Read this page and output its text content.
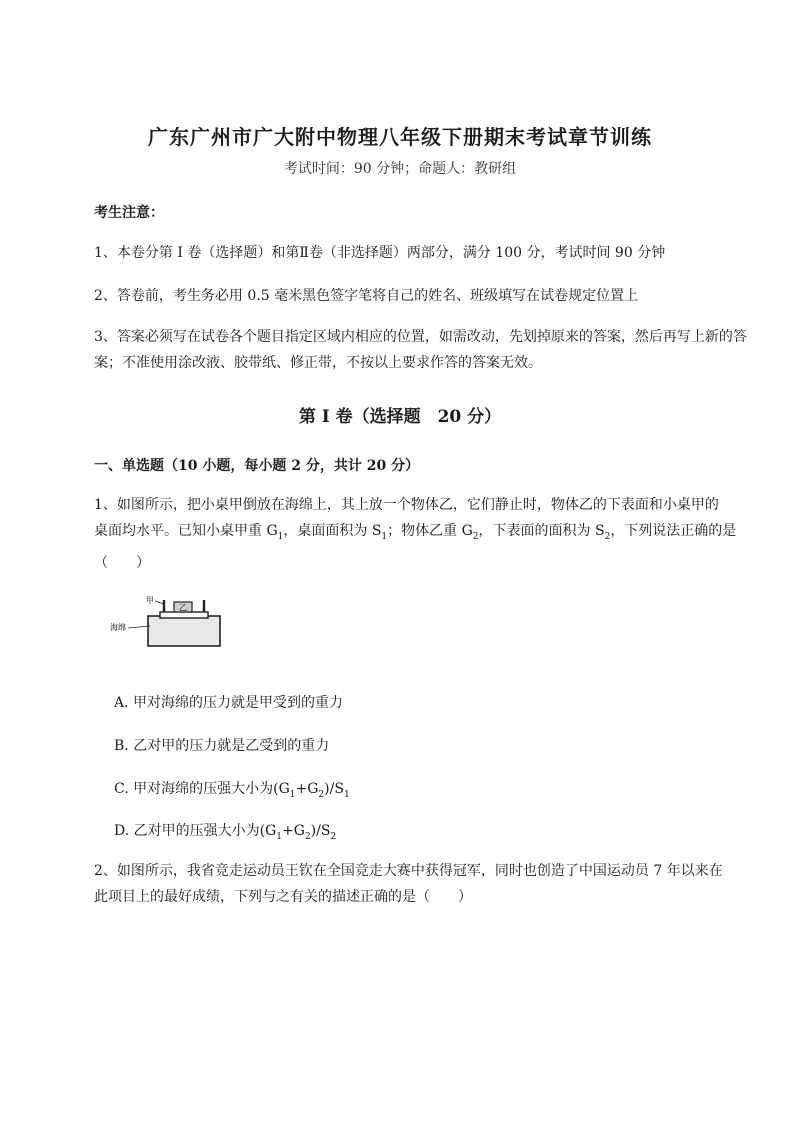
广东广州市广大附中物理八年级下册期末考试章节训练
考试时间：90 分钟；命题人：教研组
考生注意：
1、本卷分第 I 卷（选择题）和第Ⅱ卷（非选择题）两部分，满分 100 分，考试时间 90 分钟
2、答卷前，考生务必用 0.5 毫米黑色签字笔将自己的姓名、班级填写在试卷规定位置上
3、答案必须写在试卷各个题目指定区域内相应的位置，如需改动，先划掉原来的答案，然后再写上新的答案；不准使用涂改液、胶带纸、修正带，不按以上要求作答的答案无效。
第 I 卷（选择题　20 分）
一、单选题（10 小题，每小题 2 分，共计 20 分）
1、如图所示，把小桌甲倒放在海绵上，其上放一个物体乙，它们静止时，物体乙的下表面和小桌甲的
桌面均水平。已知小桌甲重 $G_1$，桌面面积为 $S_1$；物体乙重 $G_2$，下表面的面积为 $S_2$，下列说法正确的是
（　　）
乙
甲
海绵
A. 甲对海绵的压力就是甲受到的重力
B. 乙对甲的压力就是乙受到的重力
C. 甲对海绵的压强大小为$(G_1+G_2)/S_1$
D. 乙对甲的压强大小为$(G_1+G_2)/S_2$
2、如图所示，我省竞走运动员王钦在全国竞走大赛中获得冠军，同时也创造了中国运动员 7 年以来在
此项目上的最好成绩，下列与之有关的描述正确的是（　　）
